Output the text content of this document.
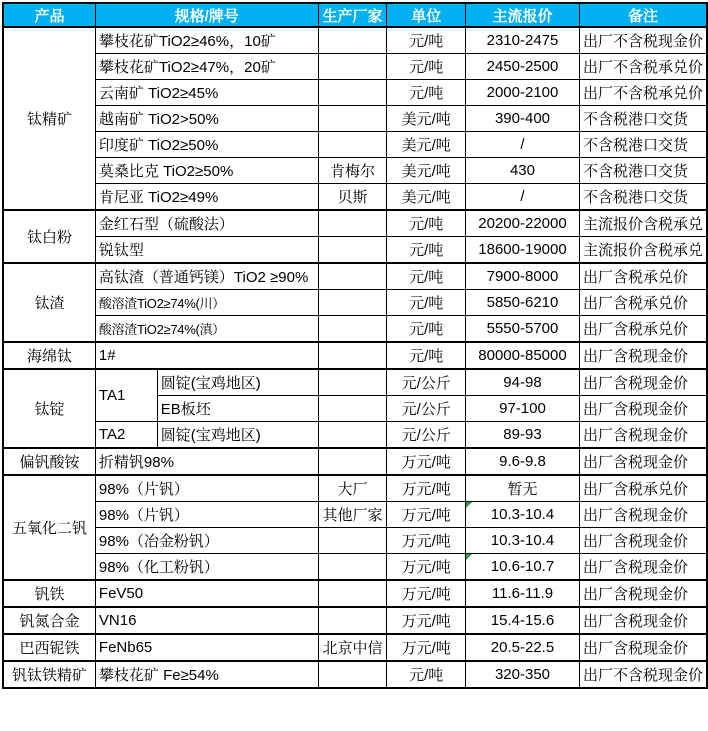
产品	规格/牌号		生产厂家	单位	主流报价	备注
钛精矿	攀枝花矿TiO2≥46%，10矿			元/吨	2310-2475	出厂不含税现金价
	攀枝花矿TiO2≥47%，20矿			元/吨	2450-2500	出厂不含税承兑价
	云南矿 TiO2≥45%			元/吨	2000-2100	出厂不含税承兑价
	越南矿 TiO2>50%			美元/吨	390-400	不含税港口交货
	印度矿 TiO2≥50%			美元/吨	/	不含税港口交货
	莫桑比克 TiO2≥50%		肯梅尔	美元/吨	430	不含税港口交货
	肯尼亚 TiO2≥49%		贝斯	美元/吨	/	不含税港口交货
钛白粉	金红石型（硫酸法）			元/吨	20200-22000	主流报价含税承兑
	锐钛型			元/吨	18600-19000	主流报价含税承兑
钛渣	高钛渣（普通钙镁）TiO2 ≥90%			元/吨	7900-8000	出厂含税承兑价
	酸溶渣TiO2≥74%(川）			元/吨	5850-6210	出厂含税承兑价
	酸溶渣TiO2≥74%(滇）			元/吨	5550-5700	出厂含税承兑价
海绵钛	1#			元/吨	80000-85000	出厂含税现金价
钛锭	TA1	圆锭(宝鸡地区)		元/公斤	94-98	出厂含税现金价
		EB板坯		元/公斤	97-100	出厂含税现金价
	TA2	圆锭(宝鸡地区)		元/公斤	89-93	出厂含税现金价
偏钒酸铵	折精钒98%			万元/吨	9.6-9.8	出厂含税现金价
五氧化二钒	98%（片钒）		大厂	万元/吨	暂无	出厂含税承兑价
	98%（片钒）		其他厂家	万元/吨	10.3-10.4	出厂含税现金价
	98%（冶金粉钒）			万元/吨	10.3-10.4	出厂含税现金价
	98%（化工粉钒）			万元/吨	10.6-10.7	出厂含税现金价
钒铁	FeV50			万元/吨	11.6-11.9	出厂含税现金价
钒氮合金	VN16			万元/吨	15.4-15.6	出厂含税现金价
巴西铌铁	FeNb65		北京中信	万元/吨	20.5-22.5	出厂含税现金价
钒钛铁精矿	攀枝花矿 Fe≥54%			元/吨	320-350	出厂不含税现金价
